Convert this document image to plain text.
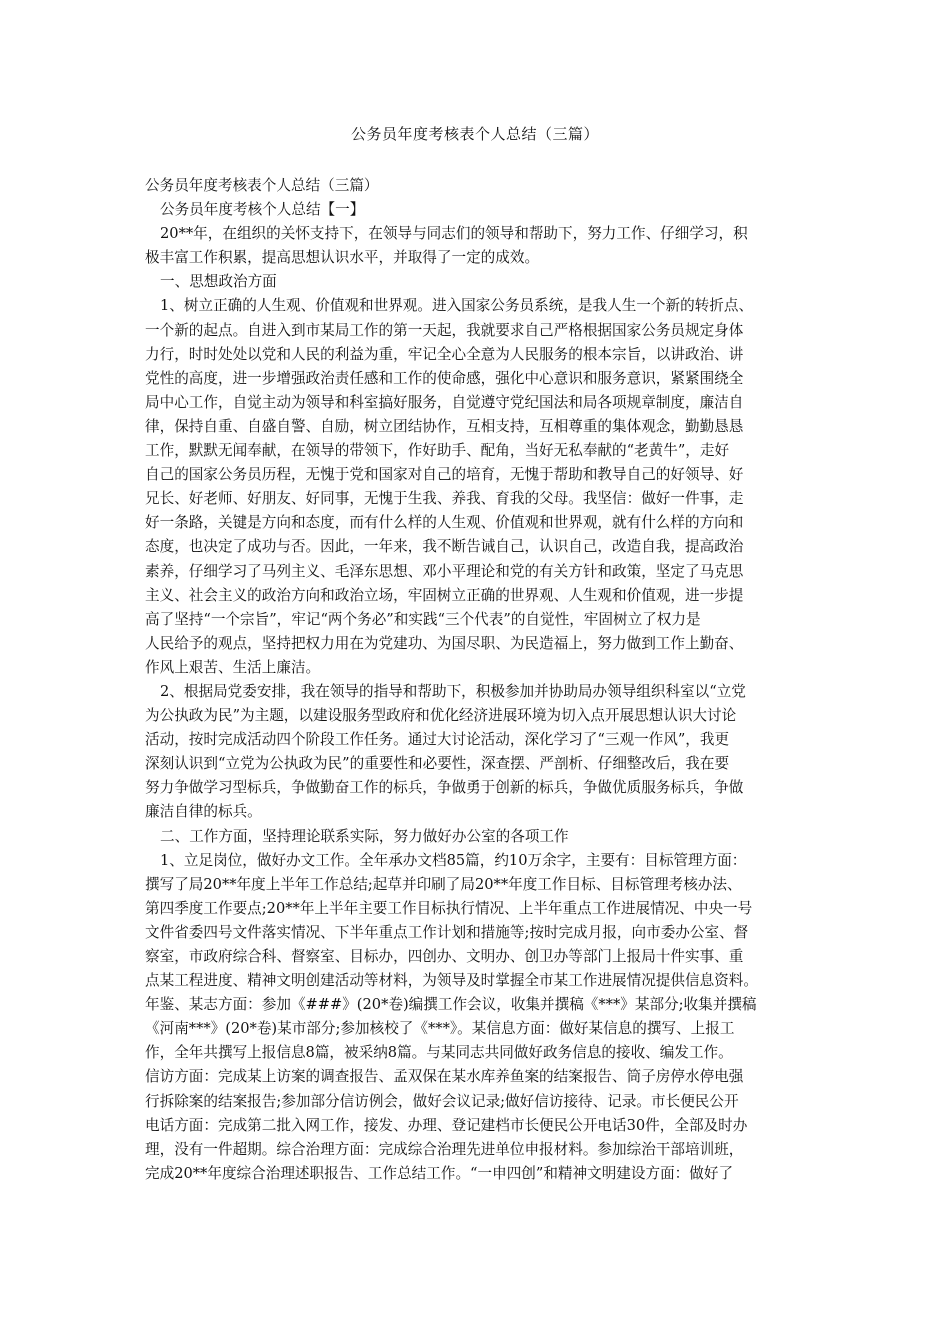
公务员年度考核表个人总结（三篇）

公务员年度考核表个人总结（三篇）

公务员年度考核个人总结【一】

20**年，在组织的关怀支持下，在领导与同志们的领导和帮助下，努力工作、仔细学习，积

极丰富工作积累，提高思想认识水平，并取得了一定的成效。

一、思想政治方面

1、树立正确的人生观、价值观和世界观。进入国家公务员系统，是我人生一个新的转折点、

一个新的起点。自进入到市某局工作的第一天起，我就要求自己严格根据国家公务员规定身体

力行，时时处处以党和人民的利益为重，牢记全心全意为人民服务的根本宗旨，以讲政治、讲

党性的高度，进一步增强政治责任感和工作的使命感，强化中心意识和服务意识，紧紧围绕全

局中心工作，自觉主动为领导和科室搞好服务，自觉遵守党纪国法和局各项规章制度，廉洁自

律，保持自重、自盛自警、自励，树立团结协作，互相支持，互相尊重的集体观念，勤勤恳恳

工作，默默无闻奉献，在领导的带领下，作好助手、配角，当好无私奉献的“老黄牛”，走好

自己的国家公务员历程，无愧于党和国家对自己的培育，无愧于帮助和教导自己的好领导、好

兄长、好老师、好朋友、好同事，无愧于生我、养我、育我的父母。我坚信：做好一件事，走

好一条路，关键是方向和态度，而有什么样的人生观、价值观和世界观，就有什么样的方向和

态度，也决定了成功与否。因此，一年来，我不断告诫自己，认识自己，改造自我，提高政治

素养，仔细学习了马列主义、毛泽东思想、邓小平理论和党的有关方针和政策，坚定了马克思

主义、社会主义的政治方向和政治立场，牢固树立正确的世界观、人生观和价值观，进一步提

高了坚持“一个宗旨”，牢记“两个务必”和实践“三个代表”的自觉性，牢固树立了权力是

人民给予的观点，坚持把权力用在为党建功、为国尽职、为民造福上，努力做到工作上勤奋、

作风上艰苦、生活上廉洁。

2、根据局党委安排，我在领导的指导和帮助下，积极参加并协助局办领导组织科室以“立党

为公执政为民”为主题，以建设服务型政府和优化经济进展环境为切入点开展思想认识大讨论

活动，按时完成活动四个阶段工作任务。通过大讨论活动，深化学习了“三观一作风”，我更

深刻认识到“立党为公执政为民”的重要性和必要性，深查摆、严剖析、仔细整改后，我在要

努力争做学习型标兵，争做勤奋工作的标兵，争做勇于创新的标兵，争做优质服务标兵，争做

廉洁自律的标兵。

二、工作方面，坚持理论联系实际，努力做好办公室的各项工作

1、立足岗位，做好办文工作。全年承办文档85篇，约10万余字，主要有：目标管理方面：

撰写了局20**年度上半年工作总结;起草并印刷了局20**年度工作目标、目标管理考核办法、

第四季度工作要点;20**年上半年主要工作目标执行情况、上半年重点工作进展情况、中央一号

文件省委四号文件落实情况、下半年重点工作计划和措施等;按时完成月报，向市委办公室、督

察室，市政府综合科、督察室、目标办，四创办、文明办、创卫办等部门上报局十件实事、重

点某工程进度、精神文明创建活动等材料，为领导及时掌握全市某工作进展情况提供信息资料。

年鉴、某志方面：参加《###》(20*卷)编撰工作会议，收集并撰稿《***》某部分;收集并撰稿

《河南***》(20*卷)某市部分;参加核校了《***》。某信息方面：做好某信息的撰写、上报工

作，全年共撰写上报信息8篇，被采纳8篇。与某同志共同做好政务信息的接收、编发工作。

信访方面：完成某上访案的调查报告、孟双保在某水库养鱼案的结案报告、筒子房停水停电强

行拆除案的结案报告;参加部分信访例会，做好会议记录;做好信访接待、记录。市长便民公开

电话方面：完成第二批入网工作，接发、办理、登记建档市长便民公开电话30件，全部及时办

理，没有一件超期。综合治理方面：完成综合治理先进单位申报材料。参加综治干部培训班，

完成20**年度综合治理述职报告、工作总结工作。“一申四创”和精神文明建设方面：做好了
